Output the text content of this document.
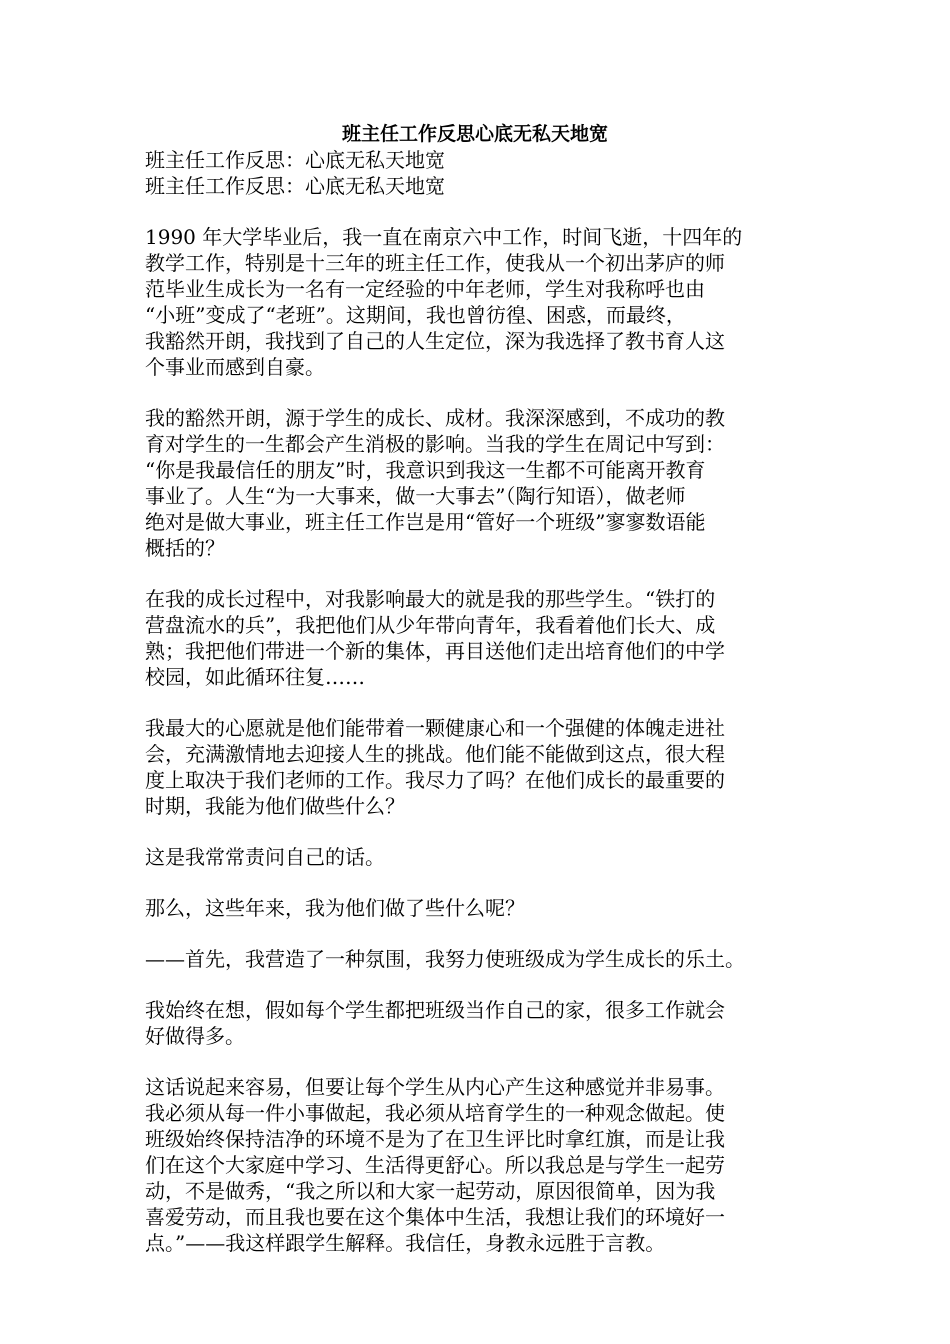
班主任工作反思心底无私天地宽
班主任工作反思：心底无私天地宽
班主任工作反思：心底无私天地宽
1990 年大学毕业后，我一直在南京六中工作，时间飞逝，十四年的
教学工作，特别是十三年的班主任工作，使我从一个初出茅庐的师
范毕业生成长为一名有一定经验的中年老师，学生对我称呼也由
“小班”变成了“老班”。这期间，我也曾彷徨、困惑，而最终，
我豁然开朗，我找到了自己的人生定位，深为我选择了教书育人这
个事业而感到自豪。
我的豁然开朗，源于学生的成长、成材。我深深感到，不成功的教
育对学生的一生都会产生消极的影响。当我的学生在周记中写到：
“你是我最信任的朋友”时，我意识到我这一生都不可能离开教育
事业了。人生“为一大事来，做一大事去”（陶行知语），做老师
绝对是做大事业，班主任工作岂是用“管好一个班级”寥寥数语能
概括的？
在我的成长过程中，对我影响最大的就是我的那些学生。“铁打的
营盘流水的兵”，我把他们从少年带向青年，我看着他们长大、成
熟；我把他们带进一个新的集体，再目送他们走出培育他们的中学
校园，如此循环往复……
我最大的心愿就是他们能带着一颗健康心和一个强健的体魄走进社
会，充满激情地去迎接人生的挑战。他们能不能做到这点，很大程
度上取决于我们老师的工作。我尽力了吗？在他们成长的最重要的
时期，我能为他们做些什么？
这是我常常责问自己的话。
那么，这些年来，我为他们做了些什么呢？
——首先，我营造了一种氛围，我努力使班级成为学生成长的乐土。
我始终在想，假如每个学生都把班级当作自己的家，很多工作就会
好做得多。
这话说起来容易，但要让每个学生从内心产生这种感觉并非易事。
我必须从每一件小事做起，我必须从培育学生的一种观念做起。使
班级始终保持洁净的环境不是为了在卫生评比时拿红旗，而是让我
们在这个大家庭中学习、生活得更舒心。所以我总是与学生一起劳
动，不是做秀，“我之所以和大家一起劳动，原因很简单，因为我
喜爱劳动，而且我也要在这个集体中生活，我想让我们的环境好一
点。”——我这样跟学生解释。我信任，身教永远胜于言教。
